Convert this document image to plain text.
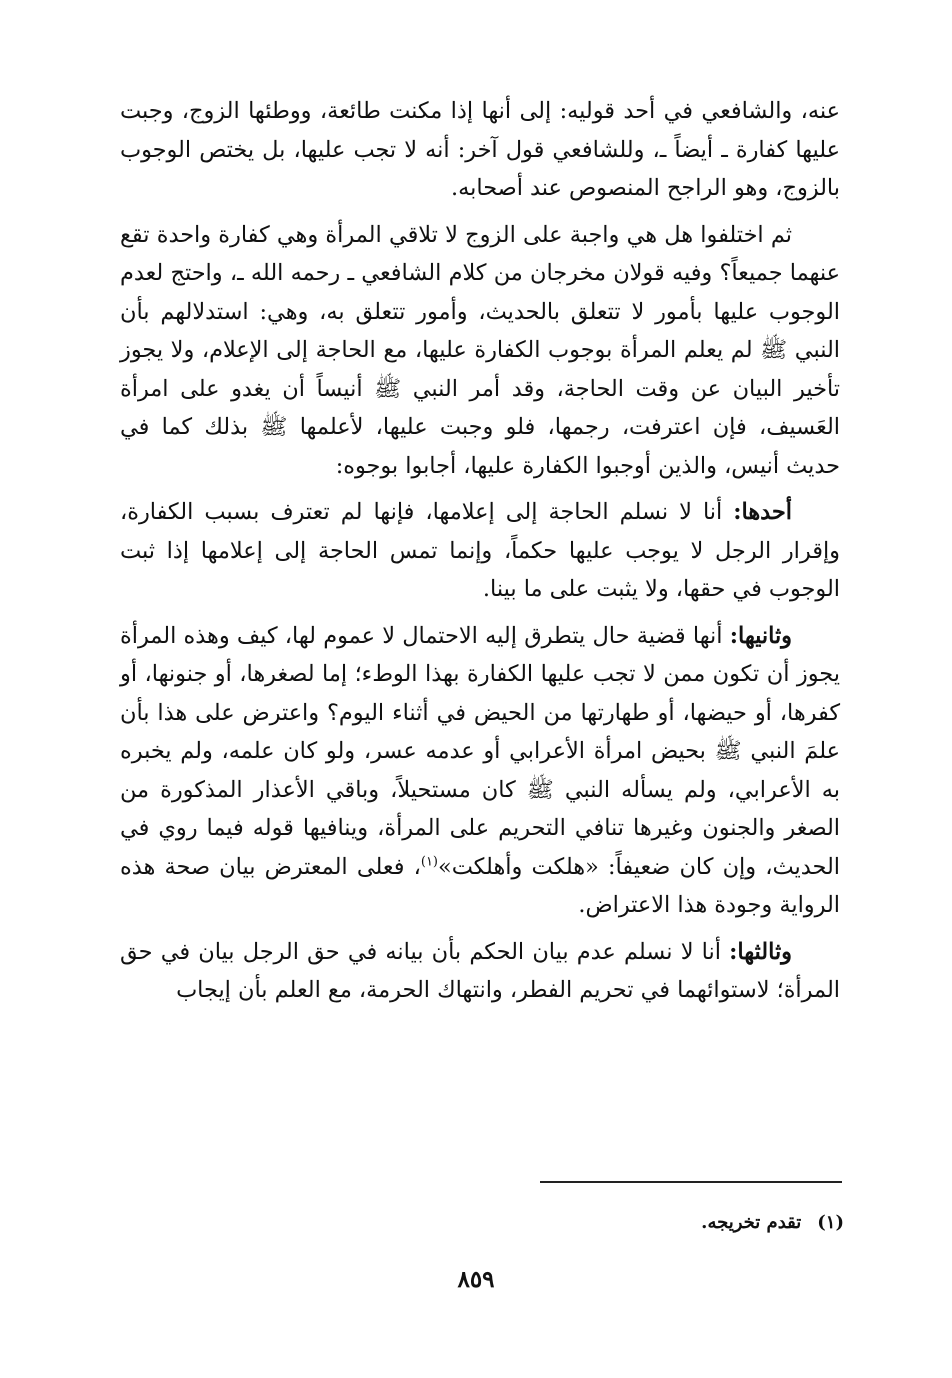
عنه، والشافعي في أحد قوليه: إلى أنها إذا مكنت طائعة، ووطئها الزوج، وجبت عليها كفارة ـ أيضاً ـ، وللشافعي قول آخر: أنه لا تجب عليها، بل يختص الوجوب بالزوج، وهو الراجح المنصوص عند أصحابه.

ثم اختلفوا هل هي واجبة على الزوج لا تلاقي المرأة وهي كفارة واحدة تقع عنهما جميعاً؟ وفيه قولان مخرجان من كلام الشافعي ـ رحمه الله ـ، واحتج لعدم الوجوب عليها بأمور لا تتعلق بالحديث، وأمور تتعلق به، وهي: استدلالهم بأن النبي ﷺ لم يعلم المرأة بوجوب الكفارة عليها، مع الحاجة إلى الإعلام، ولا يجوز تأخير البيان عن وقت الحاجة، وقد أمر النبي ﷺ أنيساً أن يغدو على امرأة العَسيف، فإن اعترفت، رجمها، فلو وجبت عليها، لأعلمها ﷺ بذلك كما في حديث أنيس، والذين أوجبوا الكفارة عليها، أجابوا بوجوه:

أحدها: أنا لا نسلم الحاجة إلى إعلامها، فإنها لم تعترف بسبب الكفارة، وإقرار الرجل لا يوجب عليها حكماً، وإنما تمس الحاجة إلى إعلامها إذا ثبت الوجوب في حقها، ولا يثبت على ما بينا.

وثانيها: أنها قضية حال يتطرق إليه الاحتمال لا عموم لها، كيف وهذه المرأة يجوز أن تكون ممن لا تجب عليها الكفارة بهذا الوطء؛ إما لصغرها، أو جنونها، أو كفرها، أو حيضها، أو طهارتها من الحيض في أثناء اليوم؟ واعترض على هذا بأن علمَ النبي ﷺ بحيض امرأة الأعرابي أو عدمه عسر، ولو كان علمه، ولم يخبره به الأعرابي، ولم يسأله النبي ﷺ كان مستحيلاً، وباقي الأعذار المذكورة من الصغر والجنون وغيرها تنافي التحريم على المرأة، وينافيها قوله فيما روي في الحديث، وإن كان ضعيفاً: «هلكت وأهلكت»$^{(١)}$، فعلى المعترض بيان صحة هذه الرواية وجودة هذا الاعتراض.

وثالثها: أنا لا نسلم عدم بيان الحكم بأن بيانه في حق الرجل بيان في حق المرأة؛ لاستوائهما في تحريم الفطر، وانتهاك الحرمة، مع العلم بأن إيجاب

(١)تقدم تخريجه.
٨٥٩
